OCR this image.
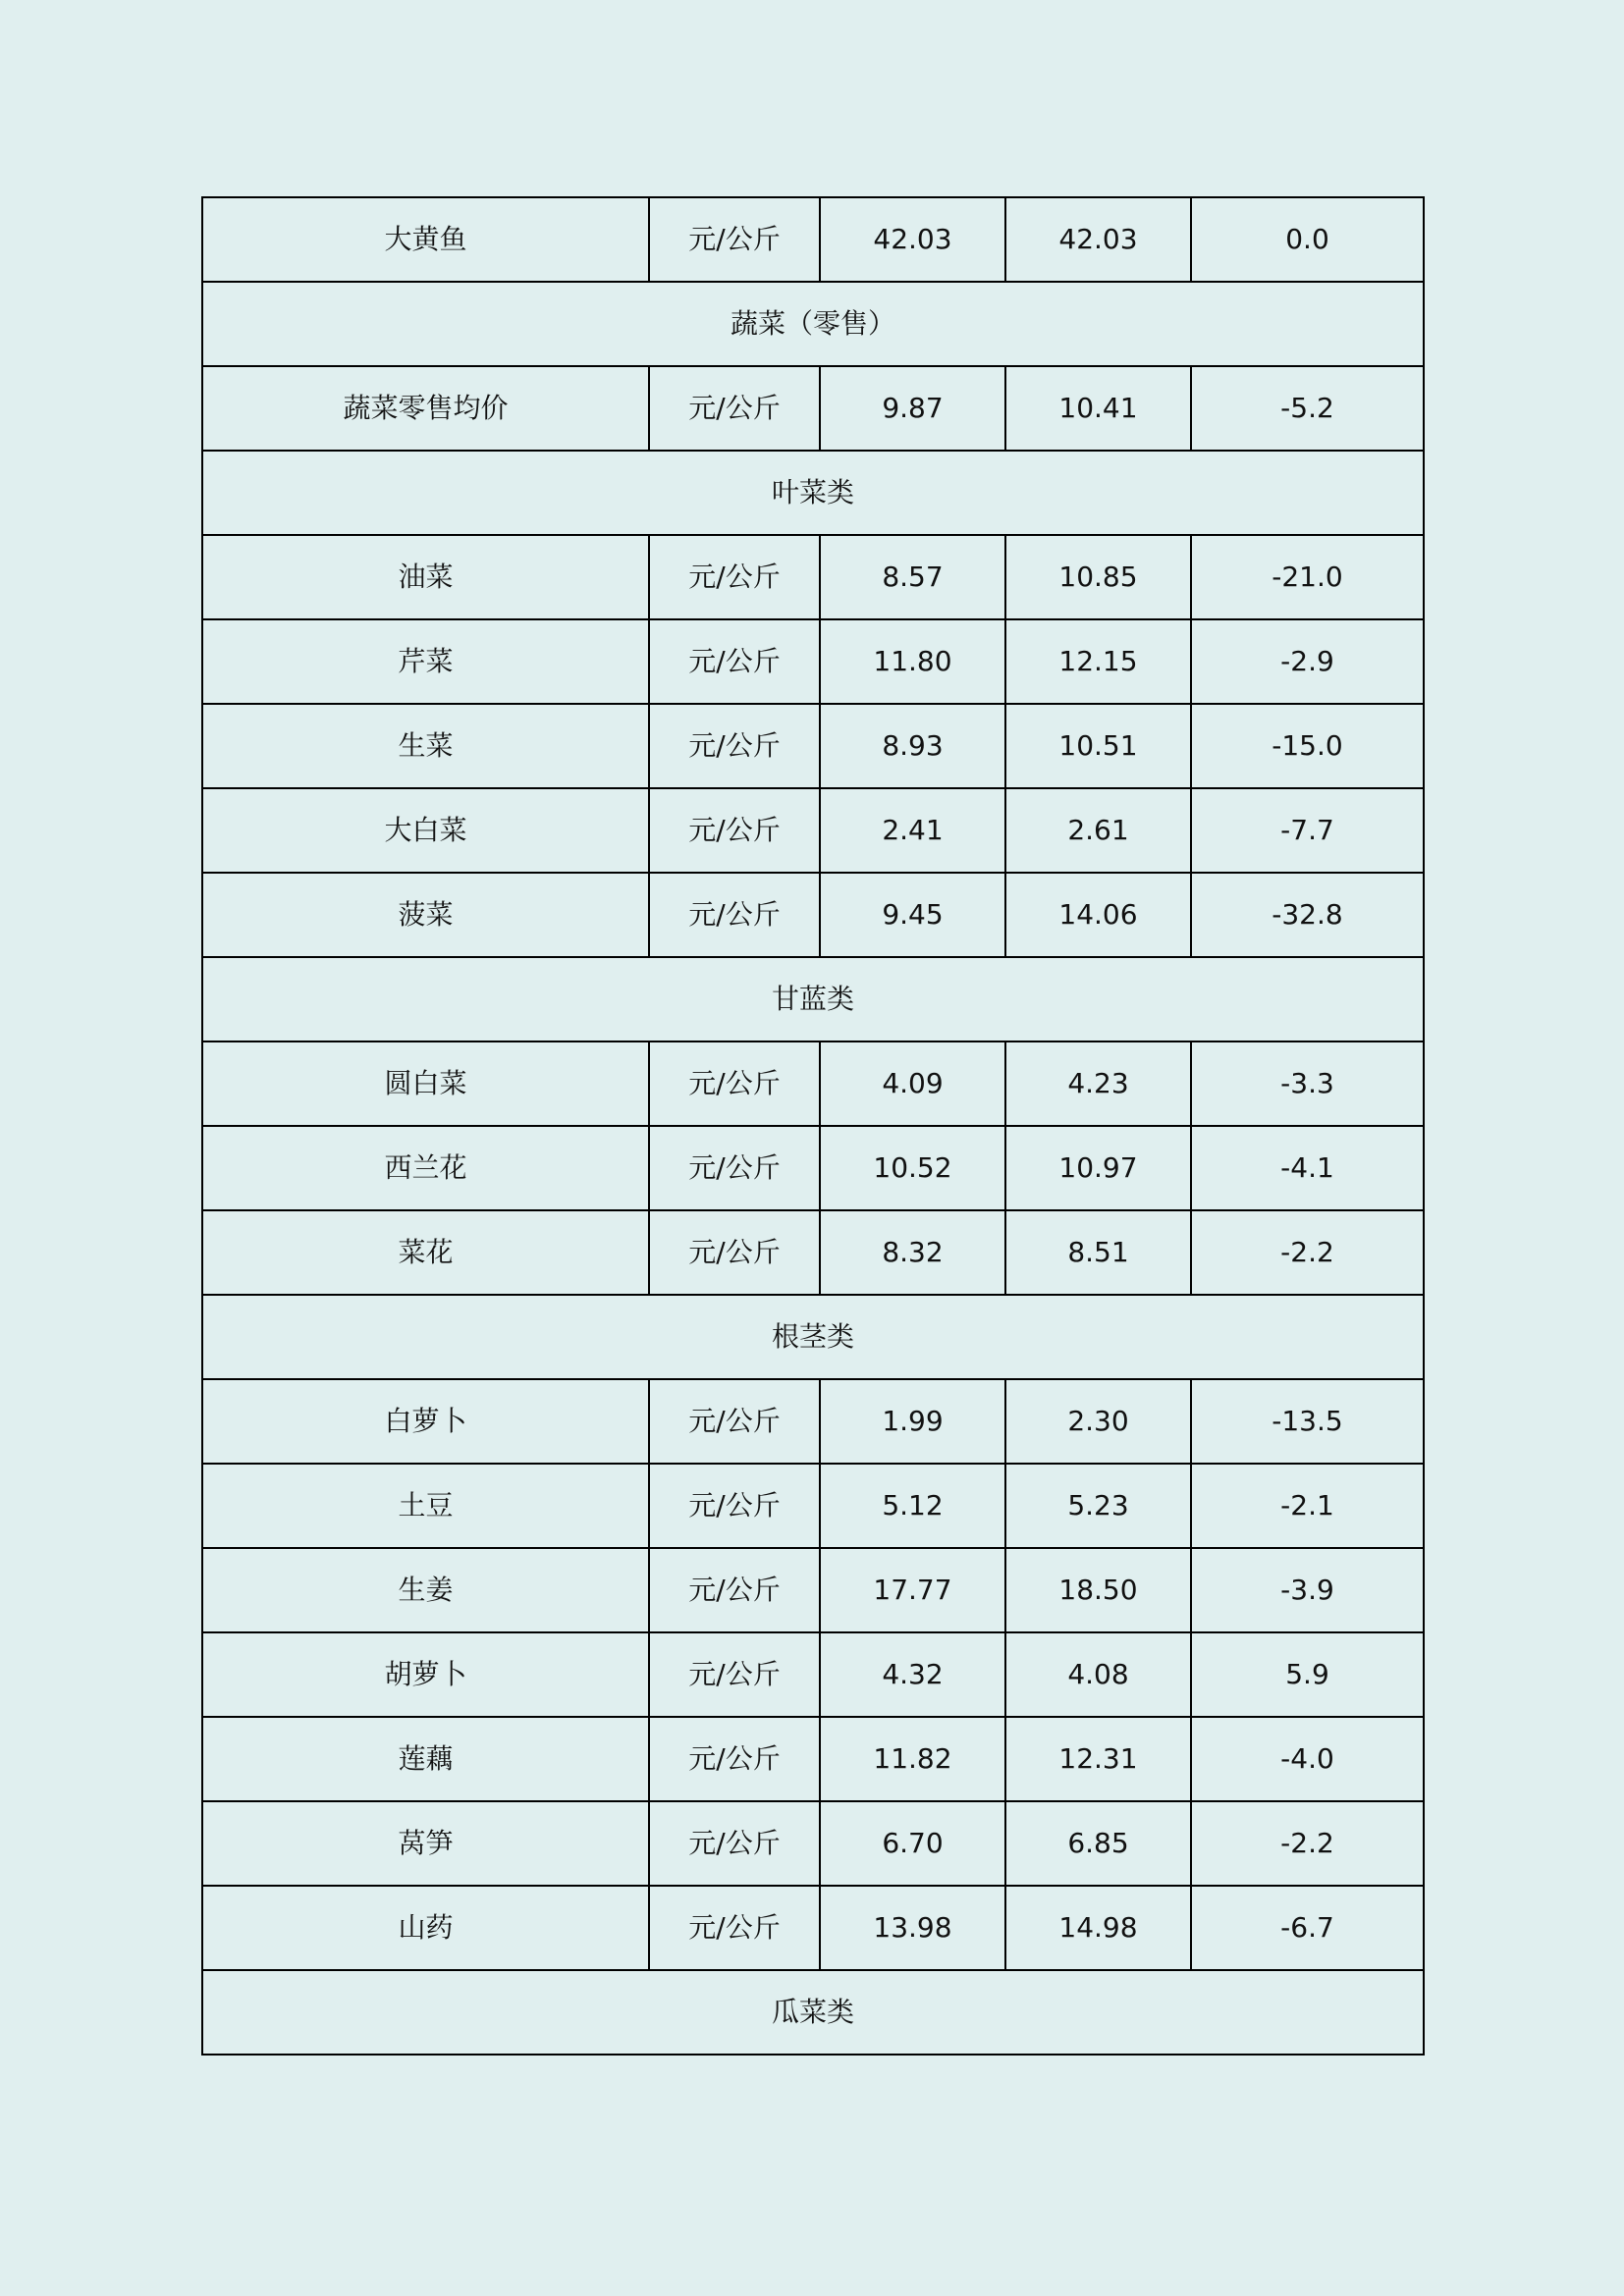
大黄鱼	元/公斤	42.03	42.03	0.0
蔬菜（零售）				
蔬菜零售均价	元/公斤	9.87	10.41	-5.2
叶菜类				
油菜	元/公斤	8.57	10.85	-21.0
芹菜	元/公斤	11.80	12.15	-2.9
生菜	元/公斤	8.93	10.51	-15.0
大白菜	元/公斤	2.41	2.61	-7.7
菠菜	元/公斤	9.45	14.06	-32.8
甘蓝类				
圆白菜	元/公斤	4.09	4.23	-3.3
西兰花	元/公斤	10.52	10.97	-4.1
菜花	元/公斤	8.32	8.51	-2.2
根茎类				
白萝卜	元/公斤	1.99	2.30	-13.5
土豆	元/公斤	5.12	5.23	-2.1
生姜	元/公斤	17.77	18.50	-3.9
胡萝卜	元/公斤	4.32	4.08	5.9
莲藕	元/公斤	11.82	12.31	-4.0
莴笋	元/公斤	6.70	6.85	-2.2
山药	元/公斤	13.98	14.98	-6.7
瓜菜类				
